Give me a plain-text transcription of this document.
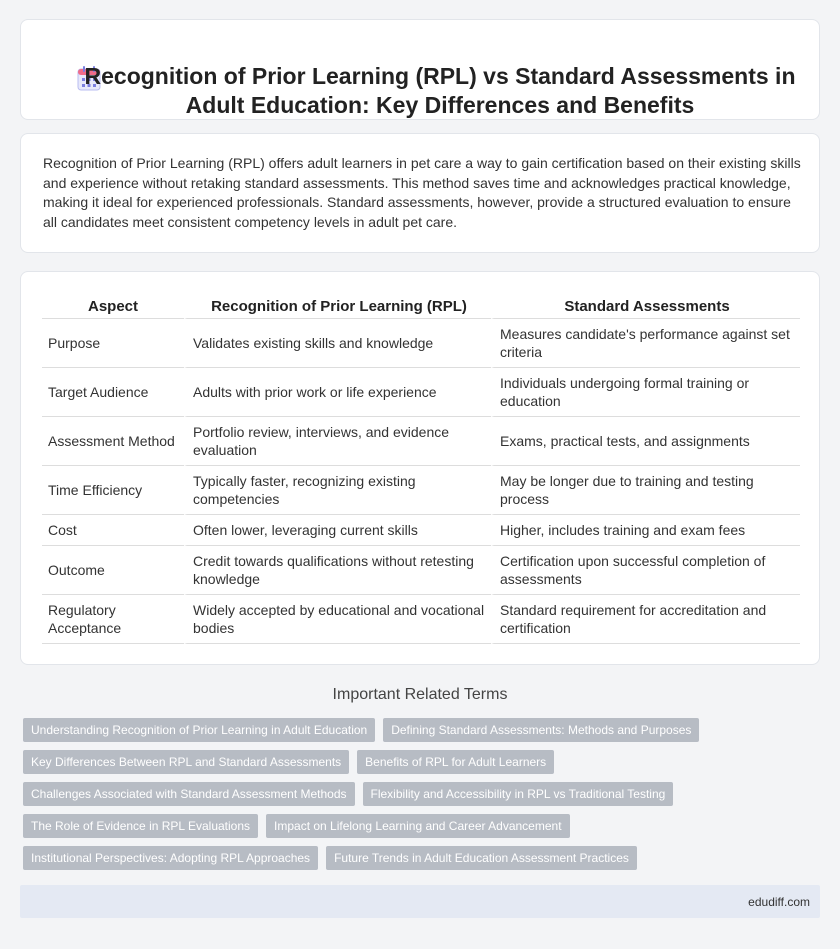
Recognition of Prior Learning (RPL) vs Standard Assessments in Adult Education: Key Differences and Benefits

Recognition of Prior Learning (RPL) offers adult learners in pet care a way to gain certification based on their existing skills and experience without retaking standard assessments. This method saves time and acknowledges practical knowledge, making it ideal for experienced professionals. Standard assessments, however, provide a structured evaluation to ensure all candidates meet consistent competency levels in adult pet care.

Aspect	Recognition of Prior Learning (RPL)	Standard Assessments
Purpose	Validates existing skills and knowledge	Measures candidate's performance against set criteria
Target Audience	Adults with prior work or life experience	Individuals undergoing formal training or education
Assessment Method	Portfolio review, interviews, and evidence evaluation	Exams, practical tests, and assignments
Time Efficiency	Typically faster, recognizing existing competencies	May be longer due to training and testing process
Cost	Often lower, leveraging current skills	Higher, includes training and exam fees
Outcome	Credit towards qualifications without retesting knowledge	Certification upon successful completion of assessments
Regulatory Acceptance	Widely accepted by educational and vocational bodies	Standard requirement for accreditation and certification
Important Related Terms
Understanding Recognition of Prior Learning in Adult Education	Defining Standard Assessments: Methods and Purposes
Key Differences Between RPL and Standard Assessments	Benefits of RPL for Adult Learners
Challenges Associated with Standard Assessment Methods	Flexibility and Accessibility in RPL vs Traditional Testing
The Role of Evidence in RPL Evaluations	Impact on Lifelong Learning and Career Advancement
Institutional Perspectives: Adopting RPL Approaches	Future Trends in Adult Education Assessment Practices
edudiff.com
